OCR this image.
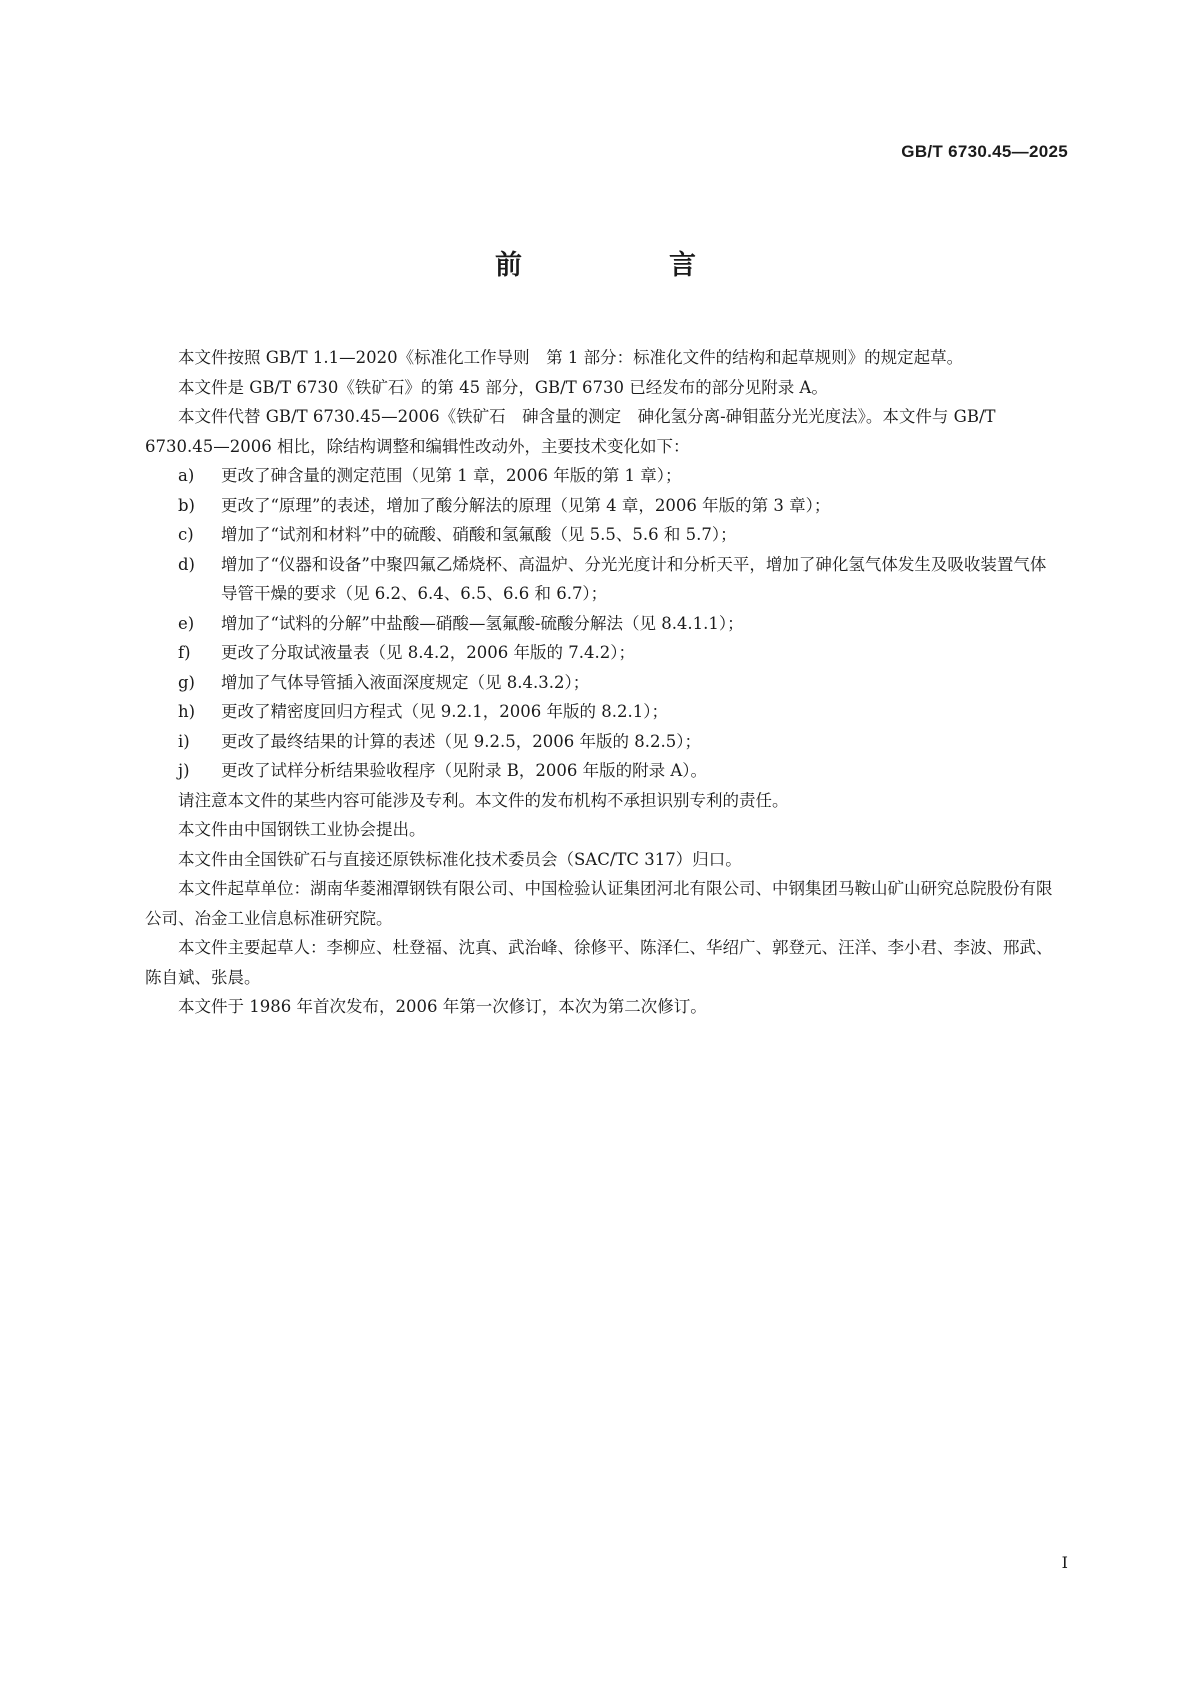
GB/T 6730.45—2025
前　言

本文件按照 GB/T 1.1—2020《标准化工作导则　第 1 部分：标准化文件的结构和起草规则》的规定起草。

本文件是 GB/T 6730《铁矿石》的第 45 部分，GB/T 6730 已经发布的部分见附录 A。

本文件代替 GB/T 6730.45—2006《铁矿石　砷含量的测定　砷化氢分离-砷钼蓝分光光度法》。本文件与 GB/T 6730.45—2006 相比，除结构调整和编辑性改动外，主要技术变化如下：

a) 更改了砷含量的测定范围（见第 1 章，2006 年版的第 1 章）；

b) 更改了“原理”的表述，增加了酸分解法的原理（见第 4 章，2006 年版的第 3 章）；

c) 增加了“试剂和材料”中的硫酸、硝酸和氢氟酸（见 5.5、5.6 和 5.7）；

d) 增加了“仪器和设备”中聚四氟乙烯烧杯、高温炉、分光光度计和分析天平，增加了砷化氢气体发生及吸收装置气体导管干燥的要求（见 6.2、6.4、6.5、6.6 和 6.7）；

e) 增加了“试料的分解”中盐酸—硝酸—氢氟酸-硫酸分解法（见 8.4.1.1）；

f) 更改了分取试液量表（见 8.4.2，2006 年版的 7.4.2）；

g) 增加了气体导管插入液面深度规定（见 8.4.3.2）；

h) 更改了精密度回归方程式（见 9.2.1，2006 年版的 8.2.1）；

i) 更改了最终结果的计算的表述（见 9.2.5，2006 年版的 8.2.5）；

j) 更改了试样分析结果验收程序（见附录 B，2006 年版的附录 A）。

请注意本文件的某些内容可能涉及专利。本文件的发布机构不承担识别专利的责任。

本文件由中国钢铁工业协会提出。

本文件由全国铁矿石与直接还原铁标准化技术委员会（SAC/TC 317）归口。

本文件起草单位：湖南华菱湘潭钢铁有限公司、中国检验认证集团河北有限公司、中钢集团马鞍山矿山研究总院股份有限公司、冶金工业信息标准研究院。

本文件主要起草人：李柳应、杜登福、沈真、武治峰、徐修平、陈泽仁、华绍广、郭登元、汪洋、李小君、李波、邢武、陈自斌、张晨。

本文件于 1986 年首次发布，2006 年第一次修订，本次为第二次修订。

I
